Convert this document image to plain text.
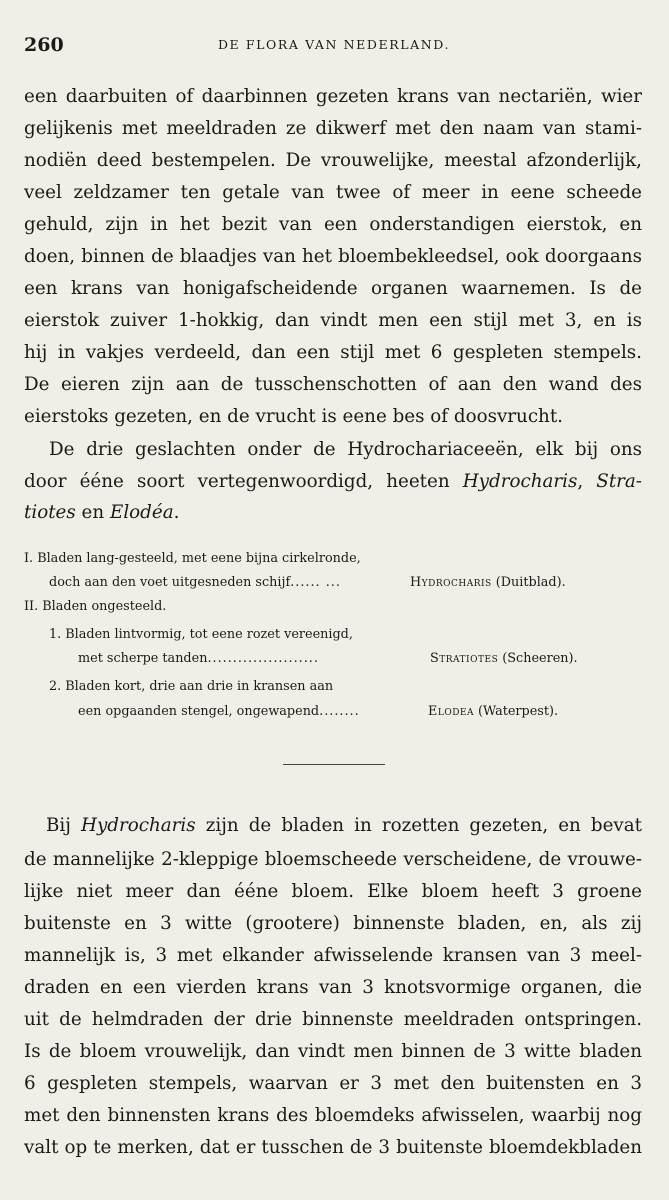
260	DE FLORA VAN NEDERLAND.
een daarbuiten of daarbinnen gezeten krans van nectariën, wier
gelijkenis met meeldraden ze dikwerf met den naam van stami-
nodiën deed bestempelen. De vrouwelijke, meestal afzonderlijk,
veel zeldzamer ten getale van twee of meer in eene scheede
gehuld, zijn in het bezit van een onderstandigen eierstok, en
doen, binnen de blaadjes van het bloembekleedsel, ook doorgaans
een krans van honigafscheidende organen waarnemen. Is de
eierstok zuiver 1-hokkig, dan vindt men een stijl met 3, en is
hij in vakjes verdeeld, dan een stijl met 6 gespleten stempels.
De eieren zijn aan de tusschenschotten of aan den wand des
eierstoks gezeten, en de vrucht is eene bes of doosvrucht.
De drie geslachten onder de Hydrochariaceeën, elk bij ons
door ééne soort vertegenwoordigd, heeten Hydrocharis, Stra-
tiotes en Elodéa.
I. Bladen lang-gesteeld, met eene bijna cirkelronde,
doch aan den voet uitgesneden schijf...... ...	Hydrocharis (Duitblad).
II. Bladen ongesteeld.
1. Bladen lintvormig, tot eene rozet vereenigd,
met scherpe tanden......................	Stratiotes (Scheeren).
2. Bladen kort, drie aan drie in kransen aan
een opgaanden stengel, ongewapend........	Elodea (Waterpest).
Bij Hydrocharis zijn de bladen in rozetten gezeten, en bevat
de mannelijke 2-kleppige bloemscheede verscheidene, de vrouwe-
lijke niet meer dan ééne bloem. Elke bloem heeft 3 groene
buitenste en 3 witte (grootere) binnenste bladen, en, als zij
mannelijk is, 3 met elkander afwisselende kransen van 3 meel-
draden en een vierden krans van 3 knotsvormige organen, die
uit de helmdraden der drie binnenste meeldraden ontspringen.
Is de bloem vrouwelijk, dan vindt men binnen de 3 witte bladen
6 gespleten stempels, waarvan er 3 met den buitensten en 3
met den binnensten krans des bloemdeks afwisselen, waarbij nog
valt op te merken, dat er tusschen de 3 buitenste bloemdekbladen
